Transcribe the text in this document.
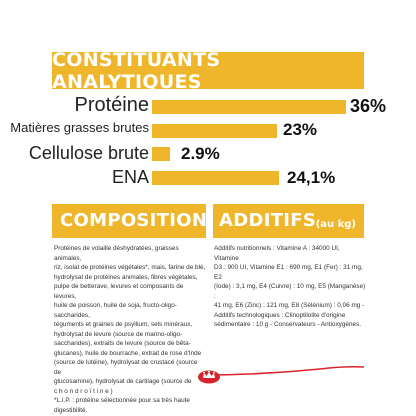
CONSTITUANTS ANALYTIQUES
Protéine	36%
Matières grasses brutes	23%
Cellulose brute 2.9%
ENA	24,1%
COMPOSITION
Protéines de volaille déshydratées, graisses animales,
riz, isolat de protéines végétales*, mais, farine de blé,
hydrolysat de protéines animales, fibres végétales,
pulpe de betterave, levures et composants de levures,
huile de poisson, huile de soja, fructo-oligo-saccharides,
téguments et graines de psyllium, sels minéraux,
hydrolysat de levure (source de manno-oligo-
saccharides), extraits de levure (source de bêta-
glucanes), huile de bourrache, extrait de rose d'Inde
(source de lutéine), hydrolysat de crustacé (source de
glucosamine), hydrolysat de cartilage (source de
c h o n d r o ï t i n e )
*L.I.P. : protéine sélectionnée pour sa très haute
digestibilité.
ADDITIFS (au kg)
Additifs nutritionnels : Vitamine A : 34000 UI, Vitamine
D3 : 900 UI, Vitamine E1 : 690 mg, E1 (Fer) : 31 mg, E2
(Iode) : 3,1 mg, E4 (Cuivre) : 10 mg, E5 (Manganèse) :
41 mg, E6 (Zinc) : 121 mg, E8 (Sélénium) : 0,06 mg -
Additifs technologiques : Clinoptilolite d'origine
sédimentaire : 10 g - Conservateurs - Antioxygènes.
